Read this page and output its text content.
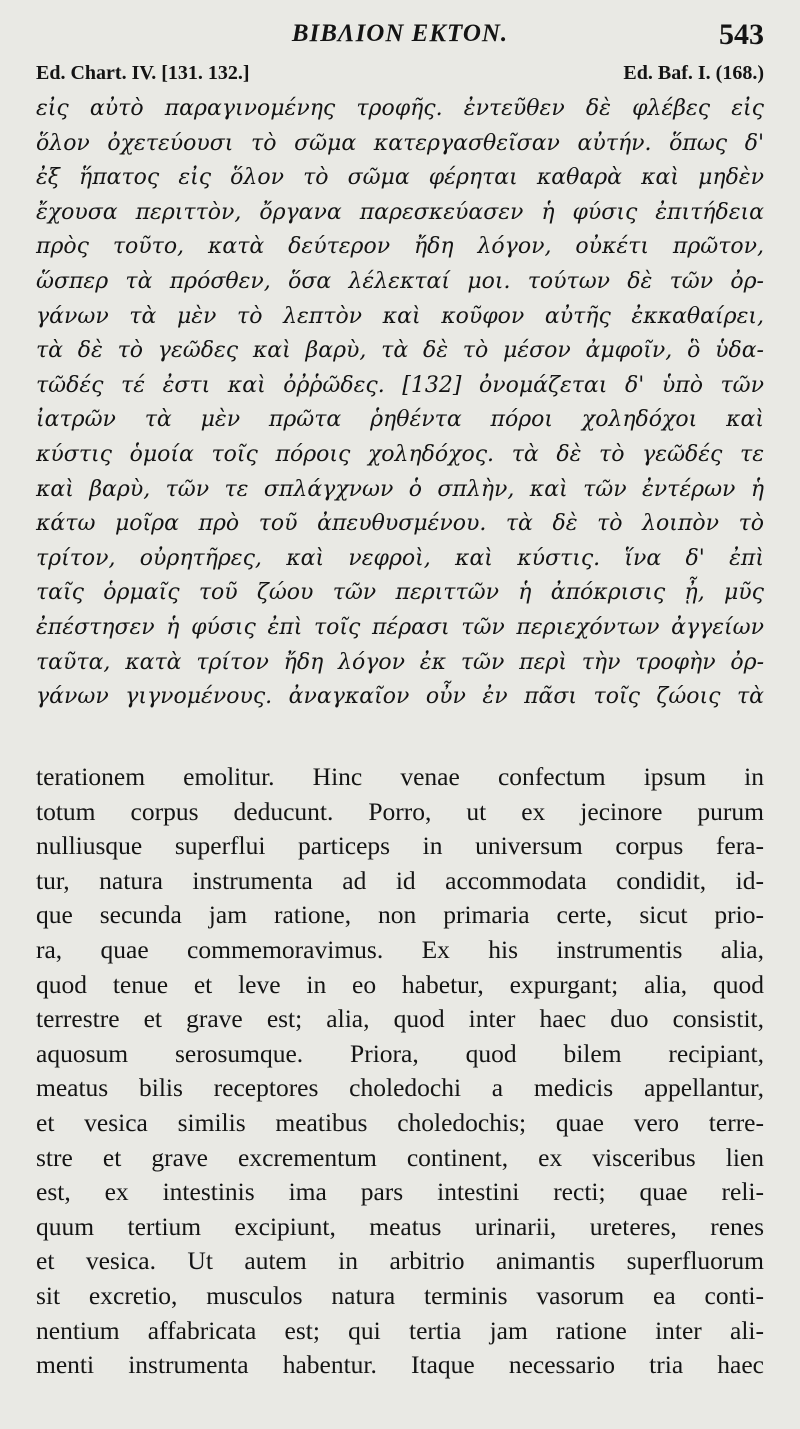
ΒΙΒΛΙΟΝ ΕΚΤΟΝ.	543
Ed. Chart. IV. [131. 132.]	Ed. Baf. I. (168.)
εἰς αὐτὸ παραγινομένης τροφῆς. ἐντεῦθεν δὲ φλέβες εἰς
ὅλον ὀχετεύουσι τὸ σῶμα κατεργασθεῖσαν αὐτήν. ὅπως δ'
ἐξ ἥπατος εἰς ὅλον τὸ σῶμα φέρηται καθαρὰ καὶ μηδὲν
ἔχουσα περιττὸν, ὄργανα παρεσκεύασεν ἡ φύσις ἐπιτήδεια
πρὸς τοῦτο, κατὰ δεύτερον ἤδη λόγον, οὐκέτι πρῶτον,
ὥσπερ τὰ πρόσθεν, ὅσα λέλεκταί μοι. τούτων δὲ τῶν ὀρ-
γάνων τὰ μὲν τὸ λεπτὸν καὶ κοῦφον αὐτῆς ἐκκαθαίρει,
τὰ δὲ τὸ γεῶδες καὶ βαρὺ, τὰ δὲ τὸ μέσον ἀμφοῖν, ὃ ὑδα-
τῶδές τέ ἐστι καὶ ὀῤῥῶδες. [132] ὀνομάζεται δ' ὑπὸ τῶν
ἰατρῶν τὰ μὲν πρῶτα ῥηθέντα πόροι χοληδόχοι καὶ
κύστις ὁμοία τοῖς πόροις χοληδόχος. τὰ δὲ τὸ γεῶδές τε
καὶ βαρὺ, τῶν τε σπλάγχνων ὁ σπλὴν, καὶ τῶν ἐντέρων ἡ
κάτω μοῖρα πρὸ τοῦ ἀπευθυσμένου. τὰ δὲ τὸ λοιπὸν τὸ
τρίτον, οὐρητῆρες, καὶ νεφροὶ, καὶ κύστις. ἵνα δ' ἐπὶ
ταῖς ὁρμαῖς τοῦ ζώου τῶν περιττῶν ἡ ἀπόκρισις ᾖ, μῦς
ἐπέστησεν ἡ φύσις ἐπὶ τοῖς πέρασι τῶν περιεχόντων ἀγγείων
ταῦτα, κατὰ τρίτον ἤδη λόγον ἐκ τῶν περὶ τὴν τροφὴν ὀρ-
γάνων γιγνομένους. ἀναγκαῖον οὖν ἐν πᾶσι τοῖς ζώοις τὰ
terationem emolitur. Hinc venae confectum ipsum in
totum corpus deducunt. Porro, ut ex jecinore purum
nulliusque superflui particeps in universum corpus fera-
tur, natura instrumenta ad id accommodata condidit, id-
que secunda jam ratione, non primaria certe, sicut prio-
ra, quae commemoravimus. Ex his instrumentis alia,
quod tenue et leve in eo habetur, expurgant; alia, quod
terrestre et grave est; alia, quod inter haec duo consistit,
aquosum serosumque. Priora, quod bilem recipiant,
meatus bilis receptores choledochi a medicis appellantur,
et vesica similis meatibus choledochis; quae vero terre-
stre et grave excrementum continent, ex visceribus lien
est, ex intestinis ima pars intestini recti; quae reli-
quum tertium excipiunt, meatus urinarii, ureteres, renes
et vesica. Ut autem in arbitrio animantis superfluorum
sit excretio, musculos natura terminis vasorum ea conti-
nentium affabricata est; qui tertia jam ratione inter ali-
menti instrumenta habentur. Itaque necessario tria haec
